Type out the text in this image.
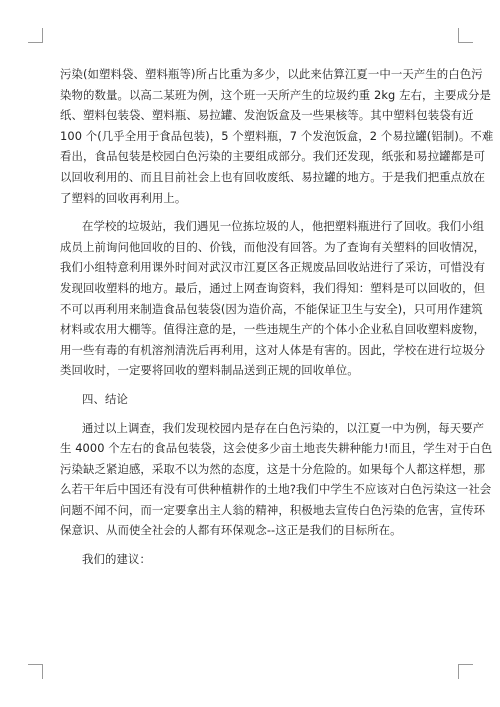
污染(如塑料袋、塑料瓶等)所占比重为多少，以此来估算江夏一中一天产生的白色污
染物的数量。以高二某班为例，这个班一天所产生的垃圾约重 2kg 左右，主要成分是
纸、塑料包装袋、塑料瓶、易拉罐、发泡饭盒及一些果核等。其中塑料包装袋有近
100 个(几乎全用于食品包装)，5 个塑料瓶，7 个发泡饭盒，2 个易拉罐(铝制)。不难
看出，食品包装是校园白色污染的主要组成部分。我们还发现，纸张和易拉罐都是可
以回收利用的、而且目前社会上也有回收废纸、易拉罐的地方。于是我们把重点放在
了塑料的回收再利用上。
在学校的垃圾站，我们遇见一位拣垃圾的人，他把塑料瓶进行了回收。我们小组
成员上前询问他回收的目的、价钱，而他没有回答。为了查询有关塑料的回收情况，
我们小组特意利用课外时间对武汉市江夏区各正规废品回收站进行了采访，可惜没有
发现回收塑料的地方。最后，通过上网查询资料，我们得知：塑料是可以回收的，但
不可以再利用来制造食品包装袋(因为造价高，不能保证卫生与安全)，只可用作建筑
材料或农用大棚等。值得注意的是，一些违规生产的个体小企业私自回收塑料废物，
用一些有毒的有机溶剂清洗后再利用，这对人体是有害的。因此，学校在进行垃圾分
类回收时，一定要将回收的塑料制品送到正规的回收单位。
四、结论
通过以上调查，我们发现校园内是存在白色污染的，以江夏一中为例，每天要产
生 4000 个左右的食品包装袋，这会使多少亩土地丧失耕种能力!而且，学生对于白色
污染缺乏紧迫感，采取不以为然的态度，这是十分危险的。如果每个人都这样想，那
么若干年后中国还有没有可供种植耕作的土地?我们中学生不应该对白色污染这一社会
问题不闻不问，而一定要拿出主人翁的精神，积极地去宣传白色污染的危害，宣传环
保意识、从而使全社会的人都有环保观念--这正是我们的目标所在。
我们的建议：
